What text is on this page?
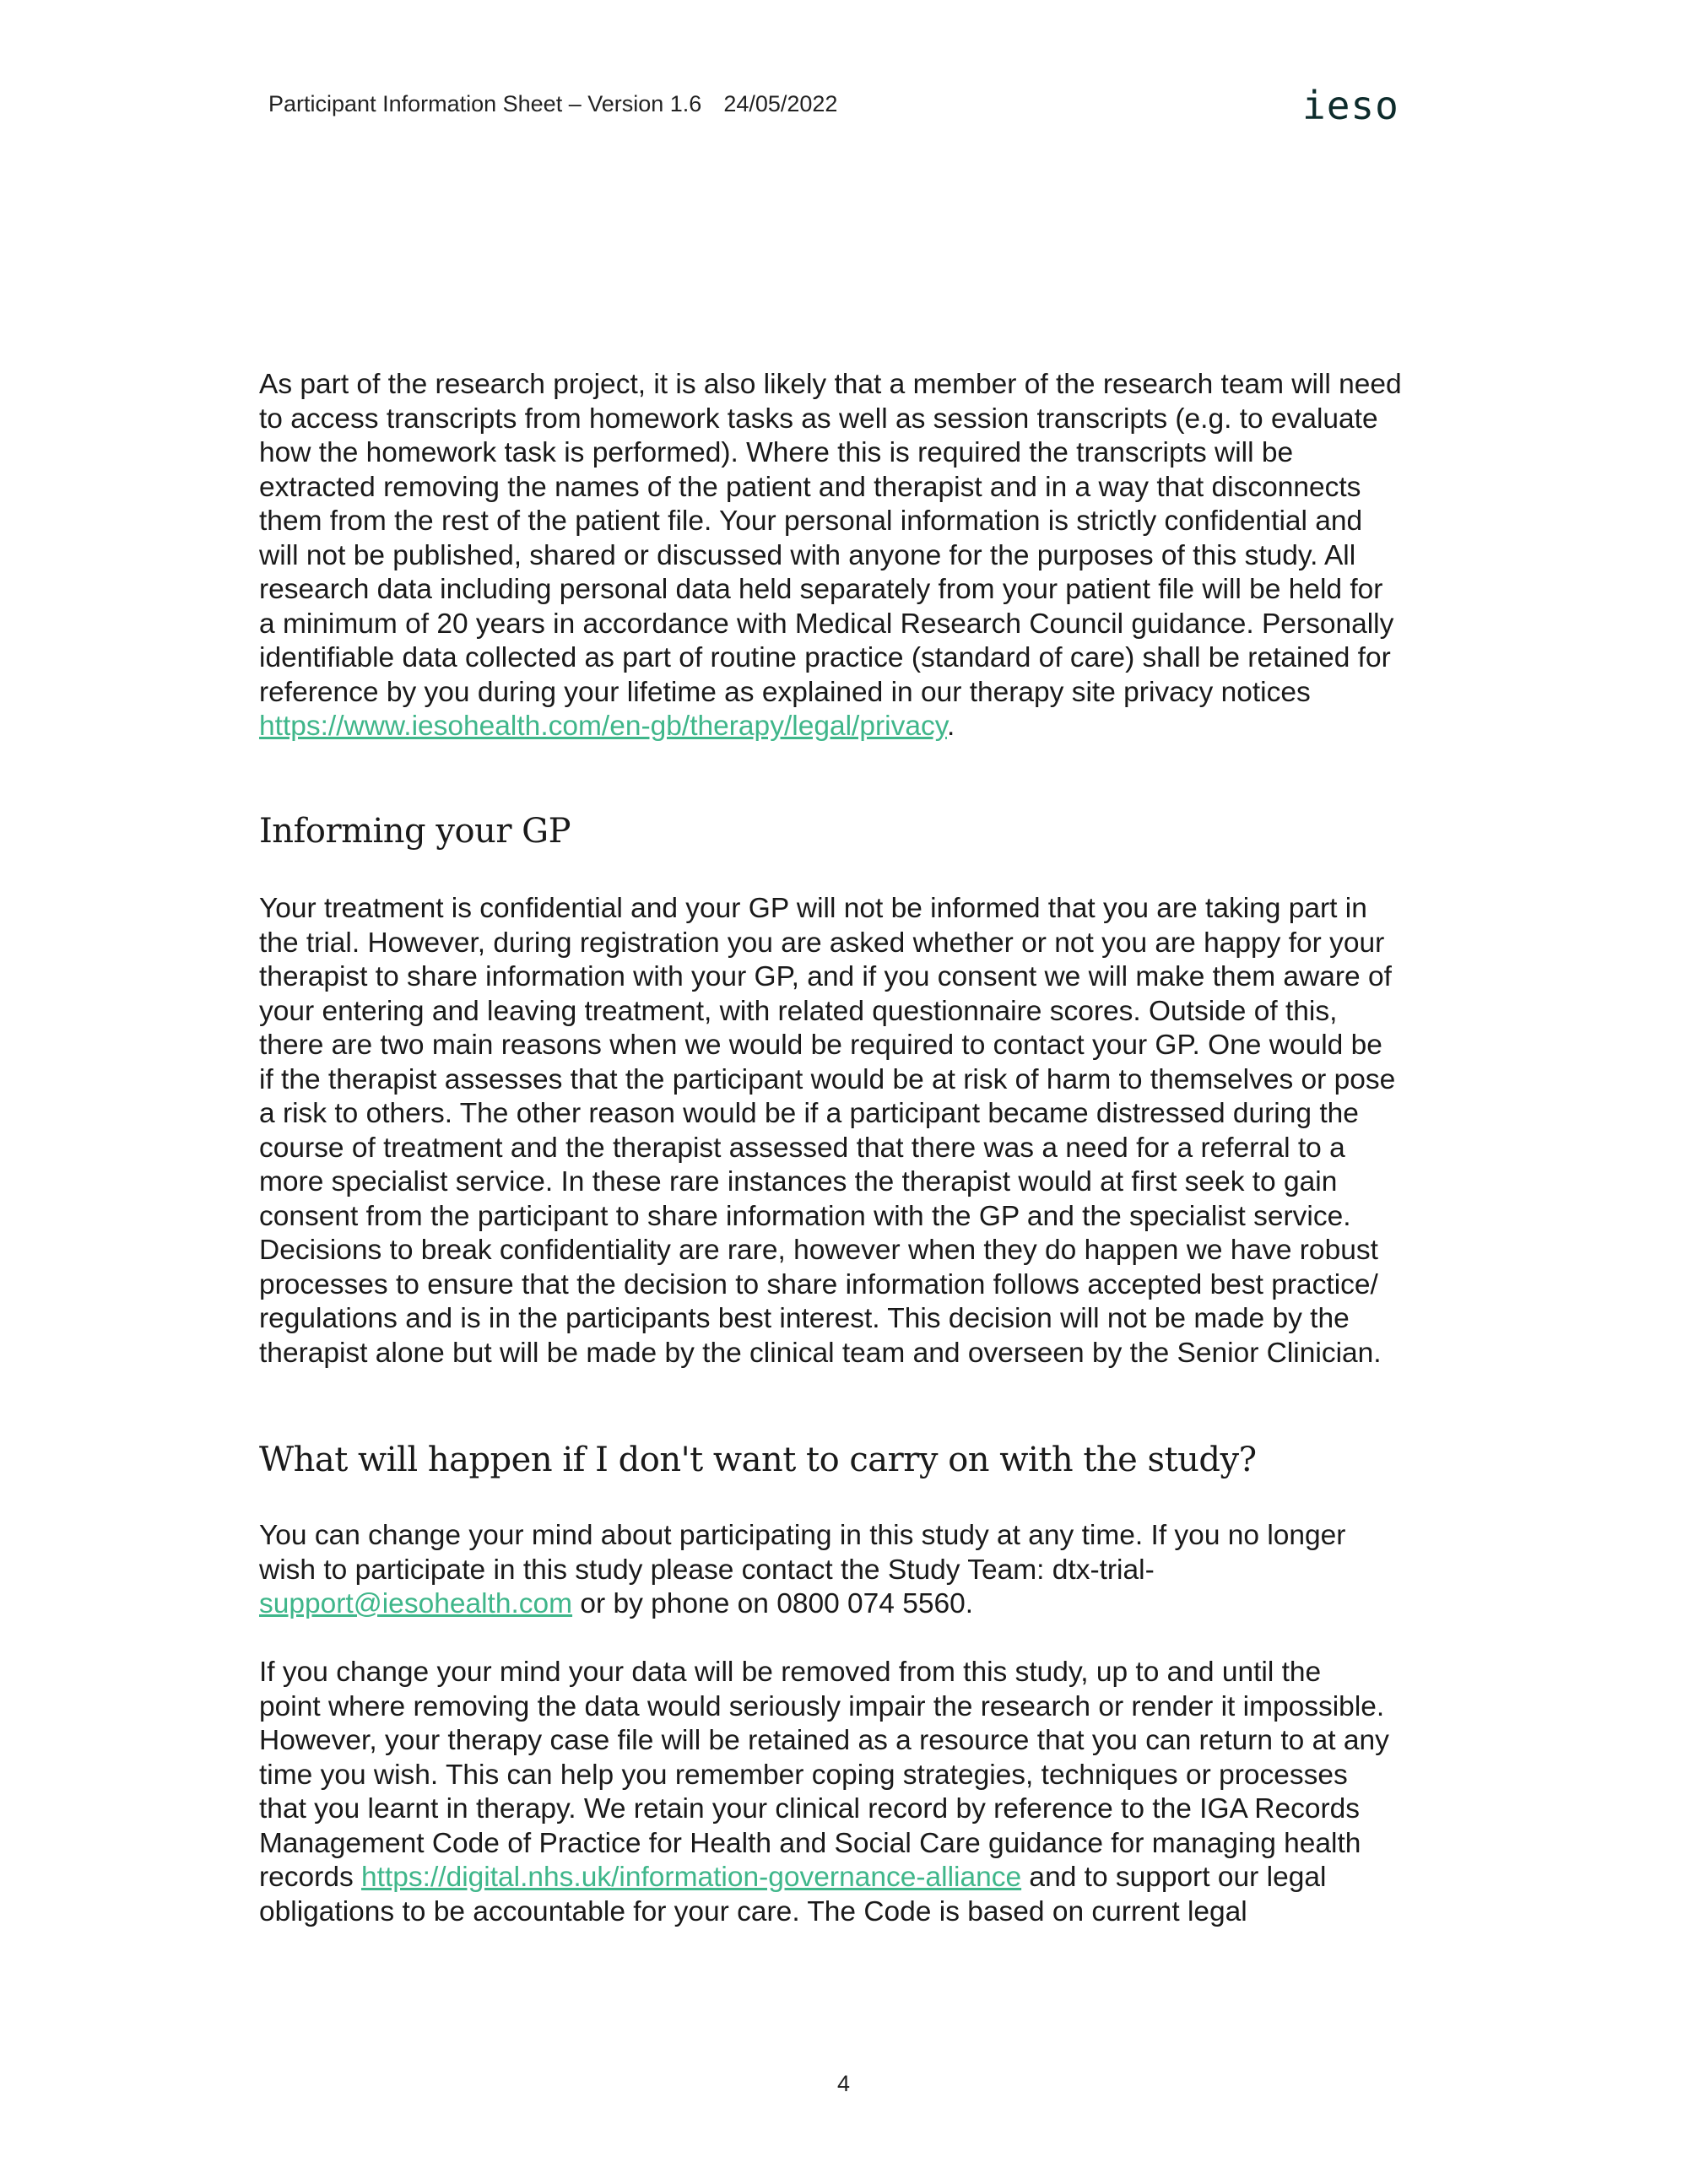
Participant Information Sheet – Version 1.6 24/05/2022	ieso

As part of the research project, it is also likely that a member of the research team will need
to access transcripts from homework tasks as well as session transcripts (e.g. to evaluate
how the homework task is performed). Where this is required the transcripts will be
extracted removing the names of the patient and therapist and in a way that disconnects
them from the rest of the patient file. Your personal information is strictly confidential and
will not be published, shared or discussed with anyone for the purposes of this study. All
research data including personal data held separately from your patient file will be held for
a minimum of 20 years in accordance with Medical Research Council guidance. Personally
identifiable data collected as part of routine practice (standard of care) shall be retained for
reference by you during your lifetime as explained in our therapy site privacy notices
https://www.iesohealth.com/en-gb/therapy/legal/privacy.

Informing your GP

Your treatment is confidential and your GP will not be informed that you are taking part in
the trial. However, during registration you are asked whether or not you are happy for your
therapist to share information with your GP, and if you consent we will make them aware of
your entering and leaving treatment, with related questionnaire scores. Outside of this,
there are two main reasons when we would be required to contact your GP. One would be
if the therapist assesses that the participant would be at risk of harm to themselves or pose
a risk to others. The other reason would be if a participant became distressed during the
course of treatment and the therapist assessed that there was a need for a referral to a
more specialist service. In these rare instances the therapist would at first seek to gain
consent from the participant to share information with the GP and the specialist service.
Decisions to break confidentiality are rare, however when they do happen we have robust
processes to ensure that the decision to share information follows accepted best practice/
regulations and is in the participants best interest. This decision will not be made by the
therapist alone but will be made by the clinical team and overseen by the Senior Clinician.

What will happen if I don't want to carry on with the study?

You can change your mind about participating in this study at any time. If you no longer
wish to participate in this study please contact the Study Team: dtx-trial-
support@iesohealth.com or by phone on 0800 074 5560.

If you change your mind your data will be removed from this study, up to and until the
point where removing the data would seriously impair the research or render it impossible.
However, your therapy case file will be retained as a resource that you can return to at any
time you wish. This can help you remember coping strategies, techniques or processes
that you learnt in therapy. We retain your clinical record by reference to the IGA Records
Management Code of Practice for Health and Social Care guidance for managing health
records https://digital.nhs.uk/information-governance-alliance and to support our legal
obligations to be accountable for your care. The Code is based on current legal

4
